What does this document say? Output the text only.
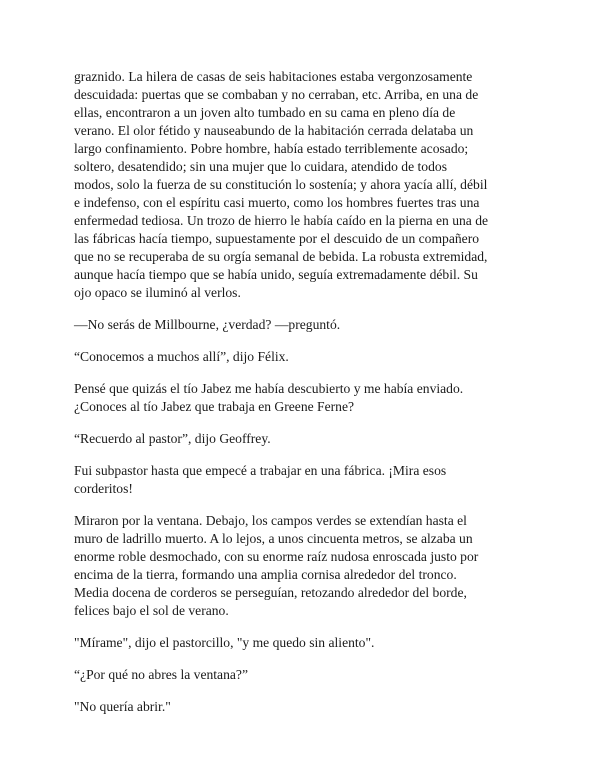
graznido. La hilera de casas de seis habitaciones estaba vergonzosamente
descuidada: puertas que se combaban y no cerraban, etc. Arriba, en una de
ellas, encontraron a un joven alto tumbado en su cama en pleno día de
verano. El olor fétido y nauseabundo de la habitación cerrada delataba un
largo confinamiento. Pobre hombre, había estado terriblemente acosado;
soltero, desatendido; sin una mujer que lo cuidara, atendido de todos
modos, solo la fuerza de su constitución lo sostenía; y ahora yacía allí, débil
e indefenso, con el espíritu casi muerto, como los hombres fuertes tras una
enfermedad tediosa. Un trozo de hierro le había caído en la pierna en una de
las fábricas hacía tiempo, supuestamente por el descuido de un compañero
que no se recuperaba de su orgía semanal de bebida. La robusta extremidad,
aunque hacía tiempo que se había unido, seguía extremadamente débil. Su
ojo opaco se iluminó al verlos.

—No serás de Millbourne, ¿verdad? —preguntó.

“Conocemos a muchos allí”, dijo Félix.

Pensé que quizás el tío Jabez me había descubierto y me había enviado.
¿Conoces al tío Jabez que trabaja en Greene Ferne?

“Recuerdo al pastor”, dijo Geoffrey.

Fui subpastor hasta que empecé a trabajar en una fábrica. ¡Mira esos
corderitos!

Miraron por la ventana. Debajo, los campos verdes se extendían hasta el
muro de ladrillo muerto. A lo lejos, a unos cincuenta metros, se alzaba un
enorme roble desmochado, con su enorme raíz nudosa enroscada justo por
encima de la tierra, formando una amplia cornisa alrededor del tronco.
Media docena de corderos se perseguían, retozando alrededor del borde,
felices bajo el sol de verano.

"Mírame", dijo el pastorcillo, "y me quedo sin aliento".

“¿Por qué no abres la ventana?”

"No quería abrir."
